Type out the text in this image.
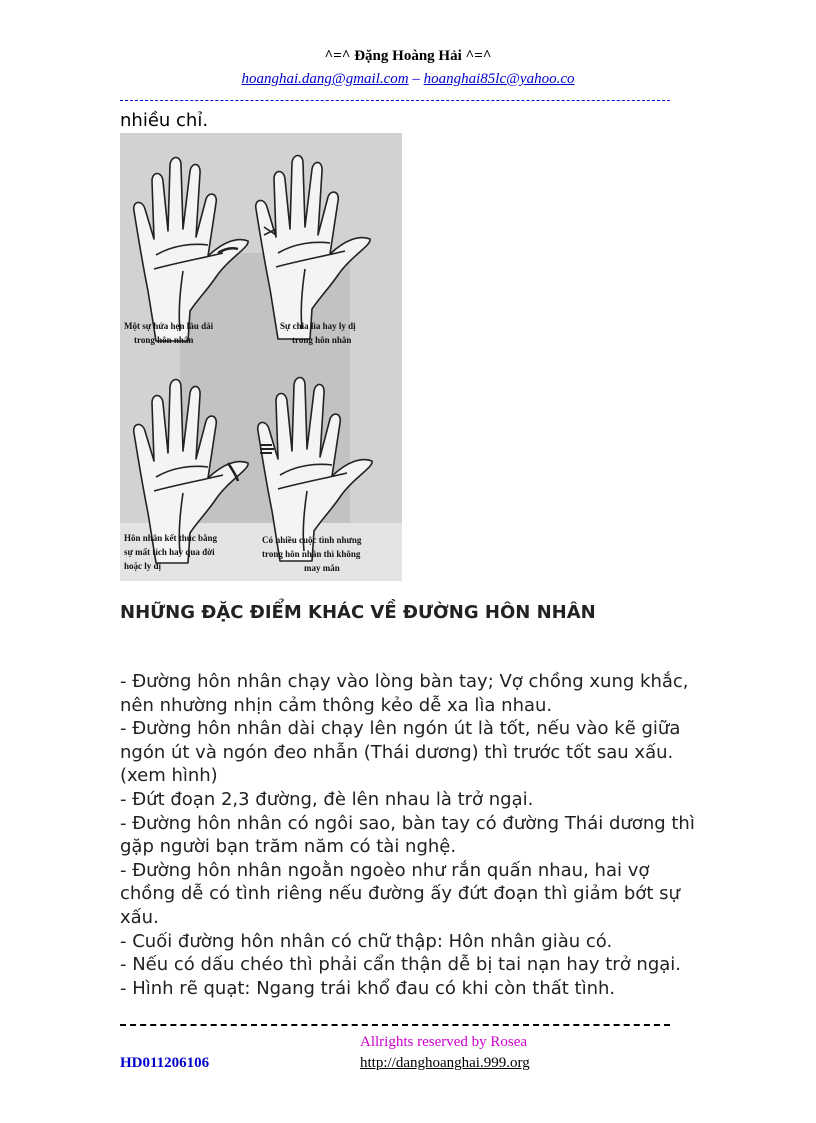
^=^ Đặng Hoàng Hải ^=^
hoanghai.dang@gmail.com – hoanghai85lc@yahoo.co
nhiều chỉ.
Một sự hứa hẹn lâu dài trong hôn nhân
Sự chia lìa hay ly dị trong hôn nhân
Hôn nhân kết thúc bằng sự mất tích hay qua đời hoặc ly dị
Có nhiều cuộc tình nhưng trong hôn nhân thì không may mắn
NHỮNG ĐẶC ĐIỂM KHÁC VỀ ĐƯỜNG HÔN NHÂN

- Đường hôn nhân chạy vào lòng bàn tay; Vợ chồng xung khắc, nên nhường nhịn cảm thông kẻo dễ xa lìa nhau.

- Đường hôn nhân dài chạy lên ngón út là tốt, nếu vào kẽ giữa ngón út và ngón đeo nhẫn (Thái dương) thì trước tốt sau xấu. (xem hình)

- Đứt đoạn 2,3 đường, đè lên nhau là trở ngại.

- Đường hôn nhân có ngôi sao, bàn tay có đường Thái dương thì gặp người bạn trăm năm có tài nghệ.

- Đường hôn nhân ngoằn ngoèo như rắn quấn nhau, hai vợ chồng dễ có tình riêng nếu đường ấy đứt đoạn thì giảm bớt sự xấu.

- Cuối đường hôn nhân có chữ thập: Hôn nhân giàu có.

- Nếu có dấu chéo thì phải cẩn thận dễ bị tai nạn hay trở ngại.

- Hình rẽ quạt: Ngang trái khổ đau có khi còn thất tình.

Allrights reserved by Rosea
HD011206106	http://danghoanghai.999.org
